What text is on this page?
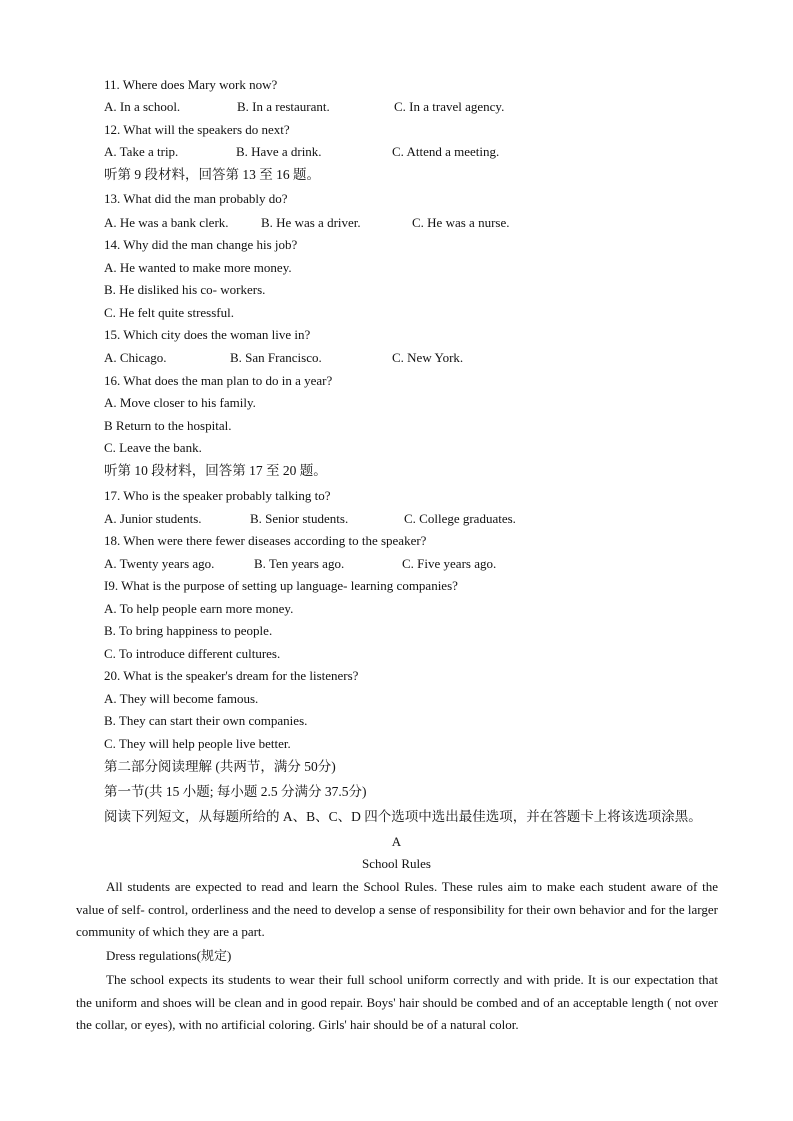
11. Where does Mary work now?
A. In a school.	B. In a restaurant.	C. In a travel agency.
12. What will the speakers do next?
A. Take a trip.	B. Have a drink.	C. Attend a meeting.
听第 9 段材料，回答第 13 至 16 题。
13. What did the man probably do?
A. He was a bank clerk. B. He was a driver.	C. He was a nurse.
14. Why did the man change his job?
A. He wanted to make more money.
B. He disliked his co- workers.
C. He felt quite stressful.
15. Which city does the woman live in?
A. Chicago.	B. San Francisco.	C. New York.
16. What does the man plan to do in a year?
A. Move closer to his family.
B Return to the hospital.
C. Leave the bank.
听第 10 段材料，回答第 17 至 20 题。
17. Who is the speaker probably talking to?
A. Junior students.	B. Senior students.	C. College graduates.
18. When were there fewer diseases according to the speaker?
A. Twenty years ago.	B. Ten years ago.	C. Five years ago.
I9. What is the purpose of setting up language- learning companies?
A. To help people earn more money.
B. To bring happiness to people.
C. To introduce different cultures.
20. What is the speaker's dream for the listeners?
A. They will become famous.
B. They can start their own companies.
C. They will help people live better.
第二部分阅读理解 (共两节，满分 50分)
第一节(共 15 小题; 每小题 2.5 分满分 37.5分)
阅读下列短文，从每题所给的 A、B、C、D 四个选项中选出最佳选项，并在答题卡上将该选项涂黑。
A
School Rules
All students are expected to read and learn the School Rules. These rules aim to make each student aware of the value of self- control, orderliness and the need to develop a sense of responsibility for their own behavior and for the larger community of which they are a part.
Dress regulations(规定)
The school expects its students to wear their full school uniform correctly and with pride. It is our expectation that the uniform and shoes will be clean and in good repair. Boys' hair should be combed and of an acceptable length ( not over the collar, or eyes), with no artificial coloring. Girls' hair should be of a natural color.
